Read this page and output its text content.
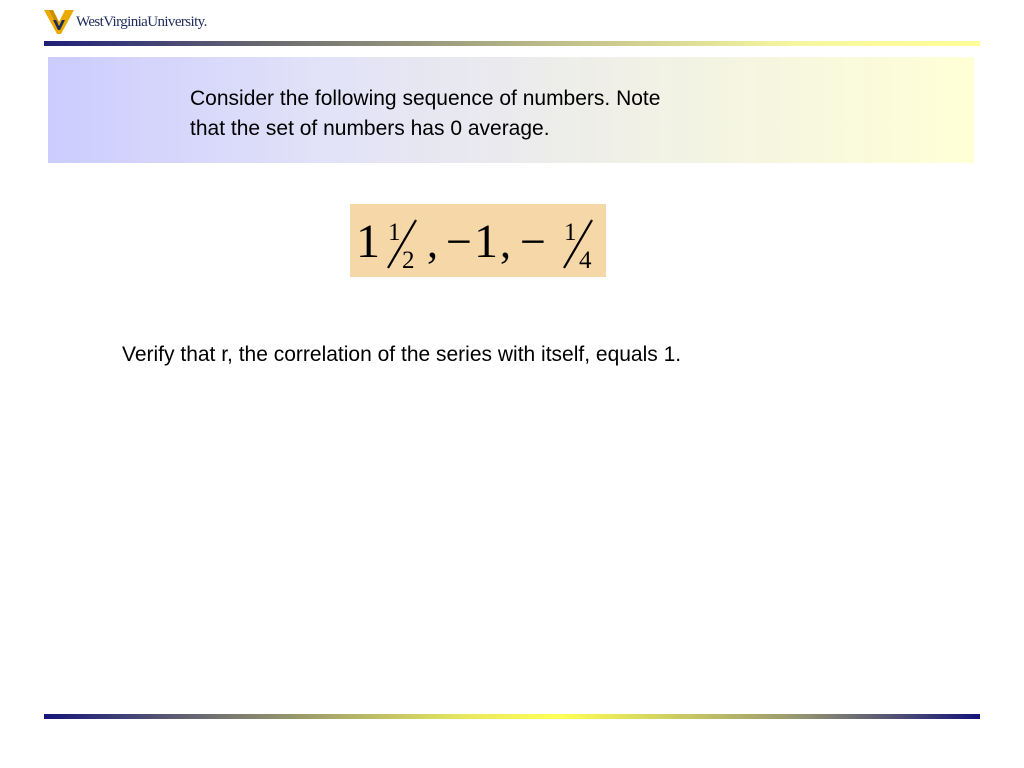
WestVirginiaUniversity.
Consider the following sequence of numbers. Note
that the set of numbers has 0 average.
1 1
2 , − 1 , − 1
4
Verify that r, the correlation of the series with itself, equals 1.
